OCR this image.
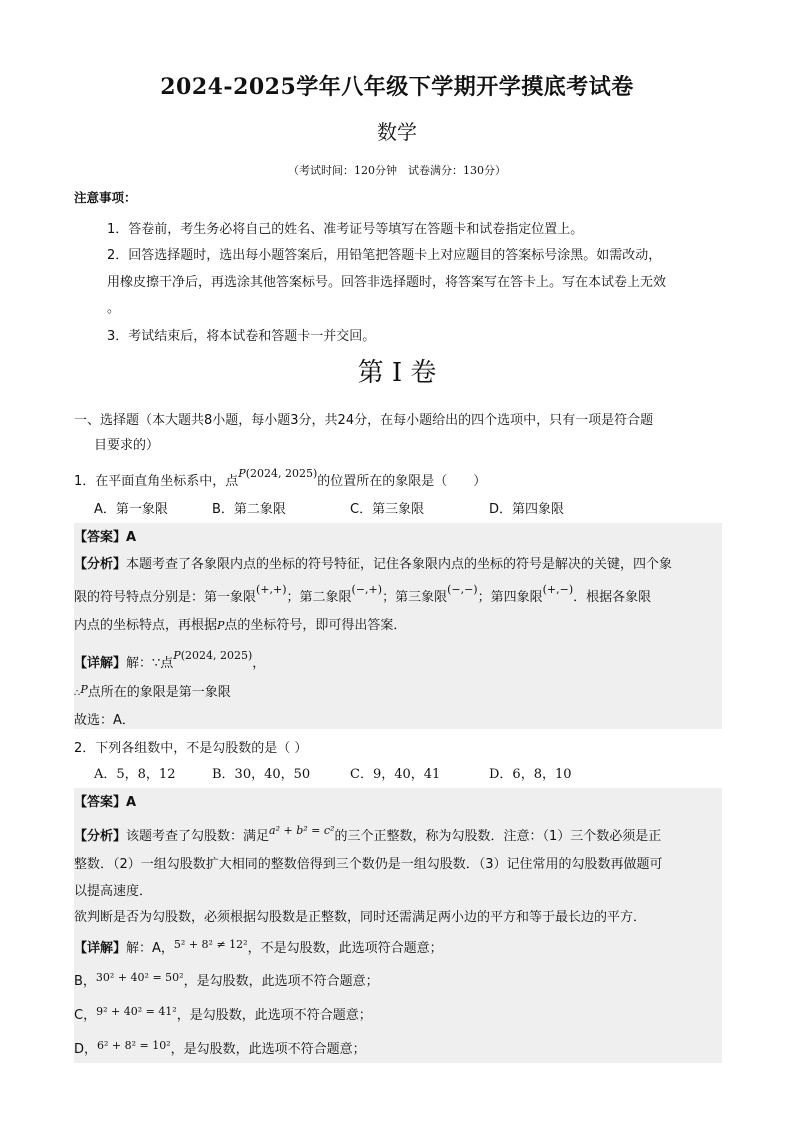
2024-2025学年八年级下学期开学摸底考试卷
数学
（考试时间：120分钟　试卷满分：130分）
注意事项：
1．答卷前，考生务必将自己的姓名、准考证号等填写在答题卡和试卷指定位置上。
2．回答选择题时，选出每小题答案后，用铅笔把答题卡上对应题目的答案标号涂黑。如需改动，
用橡皮擦干净后，再选涂其他答案标号。回答非选择题时，将答案写在答卡上。写在本试卷上无效
。
3．考试结束后，将本试卷和答题卡一并交回。
第 I 卷
一、选择题（本大题共8小题，每小题3分，共24分，在每小题给出的四个选项中，只有一项是符合题
目要求的）
1．在平面直角坐标系中，点$^{P(2024, 2025)}$的位置所在的象限是（　　）
A．第一象限	B．第二象限	C．第三象限	D．第四象限
【答案】A
【分析】本题考查了各象限内点的坐标的符号特征，记住各象限内点的坐标的符号是解决的关键，四个象
限的符号特点分别是：第一象限(+,+)；第二象限(−,+)；第三象限(−,−)；第四象限(+,−)．根据各象限
内点的坐标特点，再根据P点的坐标符号，即可得出答案．
【详解】解：∵点$^{P(2024, 2025)}$，
∴$^P$点所在的象限是第一象限
故选：A．
2．下列各组数中，不是勾股数的是（ ）
A．5，8，12	B．30，40，50	C．9，40，41	D．6，8，10
【答案】A
【分析】该题考查了勾股数：满足$^{a^2 + b^2 = c^2}$的三个正整数，称为勾股数．注意：（1）三个数必须是正
整数．（2）一组勾股数扩大相同的整数倍得到三个数仍是一组勾股数．（3）记住常用的勾股数再做题可
以提高速度．
欲判断是否为勾股数，必须根据勾股数是正整数，同时还需满足两小边的平方和等于最长边的平方．
【详解】解：A，$^{5^2 + 8^2 \ne 12^2}$，不是勾股数，此选项符合题意；
B，$^{30^2 + 40^2 = 50^2}$，是勾股数，此选项不符合题意；
C，$^{9^2 + 40^2 = 41^2}$，是勾股数，此选项不符合题意；
D，$^{6^2 + 8^2 = 10^2}$，是勾股数，此选项不符合题意；
